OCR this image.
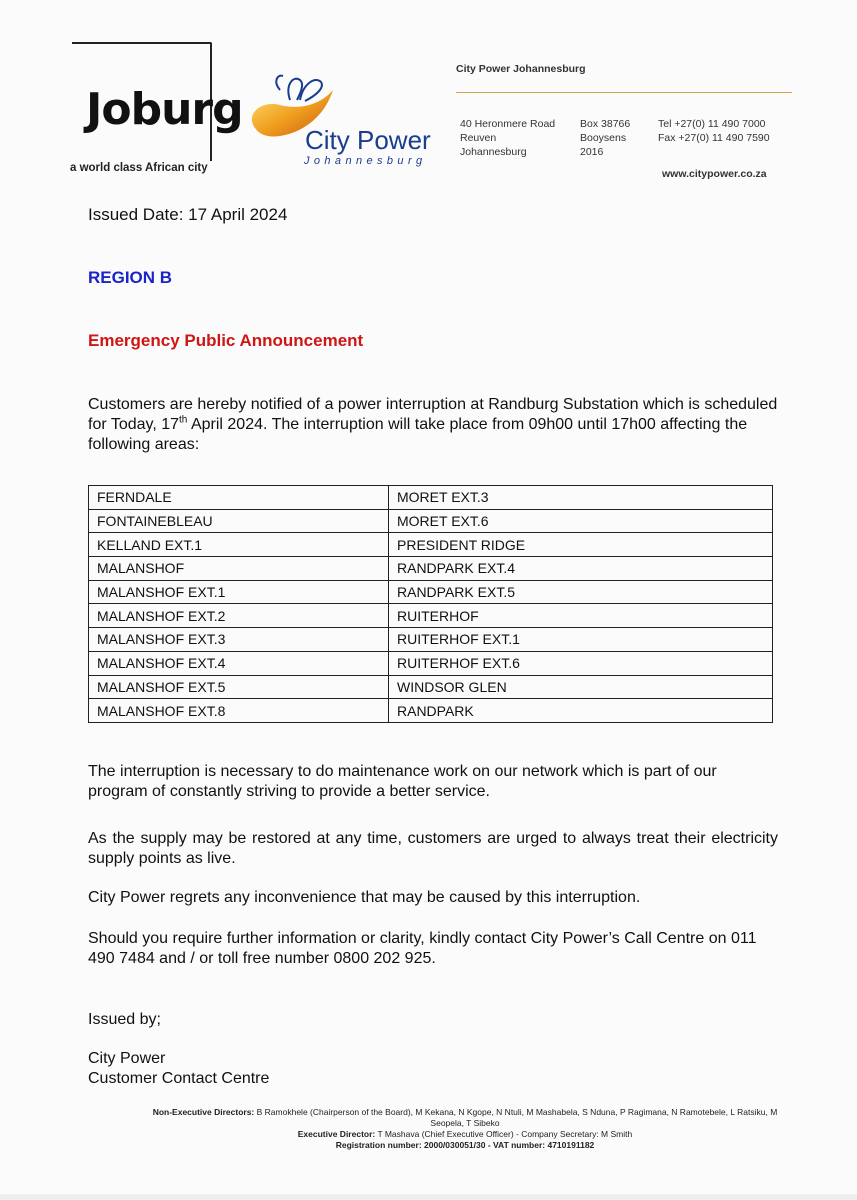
Joburg
a world class African city
City Power
Johannesburg
City Power Johannesburg
40 Heronmere Road
Reuven
Johannesburg
Box 38766
Booysens
2016
Tel +27(0) 11 490 7000
Fax +27(0) 11 490 7590
www.citypower.co.za
Issued Date: 17 April 2024
REGION B
Emergency Public Announcement
Customers are hereby notified of a power interruption at Randburg Substation which is scheduled for Today, 17th April 2024. The interruption will take place from 09h00 until 17h00 affecting the following areas:
FERNDALE	MORET EXT.3
FONTAINEBLEAU	MORET EXT.6
KELLAND EXT.1	PRESIDENT RIDGE
MALANSHOF	RANDPARK EXT.4
MALANSHOF EXT.1	RANDPARK EXT.5
MALANSHOF EXT.2	RUITERHOF
MALANSHOF EXT.3	RUITERHOF EXT.1
MALANSHOF EXT.4	RUITERHOF EXT.6
MALANSHOF EXT.5	WINDSOR GLEN
MALANSHOF EXT.8	RANDPARK
The interruption is necessary to do maintenance work on our network which is part of our program of constantly striving to provide a better service.
As the supply may be restored at any time, customers are urged to always treat their electricity supply points as live.
City Power regrets any inconvenience that may be caused by this interruption.
Should you require further information or clarity, kindly contact City Power’s Call Centre on 011 490 7484 and / or toll free number 0800 202 925.
Issued by;
City Power
Customer Contact Centre
Non-Executive Directors: B Ramokhele (Chairperson of the Board), M Kekana, N Kgope, N Ntuli, M Mashabela, S Nduna, P Ragimana, N Ramotebele, L Ratsiku, M Seopela, T Sibeko
Executive Director: T Mashava (Chief Executive Officer) - Company Secretary: M Smith
Registration number: 2000/030051/30 - VAT number: 4710191182
